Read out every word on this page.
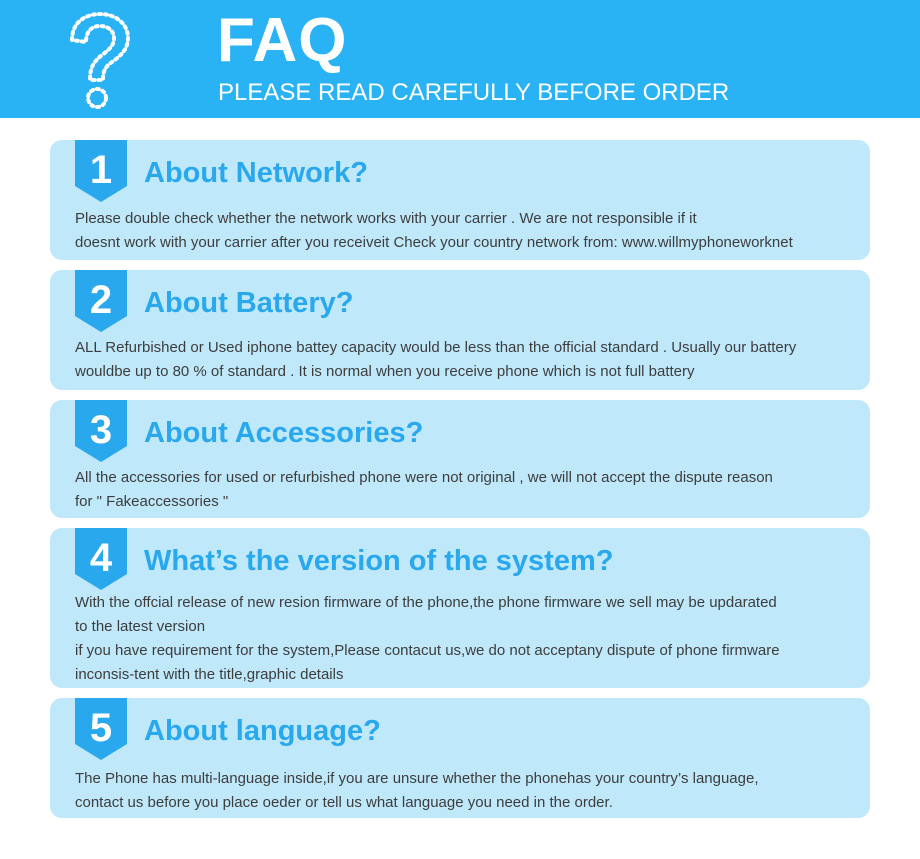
FAQ
PLEASE READ CAREFULLY BEFORE ORDER
1	About Network?

Please double check whether the network works with your carrier . We are not responsible if it

doesnt work with your carrier after you receiveit Check your country network from: www.willmyphoneworknet

2	About Battery?

ALL Refurbished or Used iphone battey capacity would be less than the official standard . Usually our battery

wouldbe up to 80 % of standard . It is normal when you receive phone which is not full battery

3	About Accessories?

All the accessories for used or refurbished phone were not original , we will not accept the dispute reason

for " Fakeaccessories "

4	What’s the version of the system?

With the offcial release of new resion firmware of the phone,the phone firmware we sell may be updarated

to the latest version

if you have requirement for the system,Please contacut us,we do not acceptany dispute of phone firmware

inconsis-tent with the title,graphic details

5	About language?

The Phone has multi-language inside,if you are unsure whether the phonehas your country’s language,

contact us before you place oeder or tell us what language you need in the order.
